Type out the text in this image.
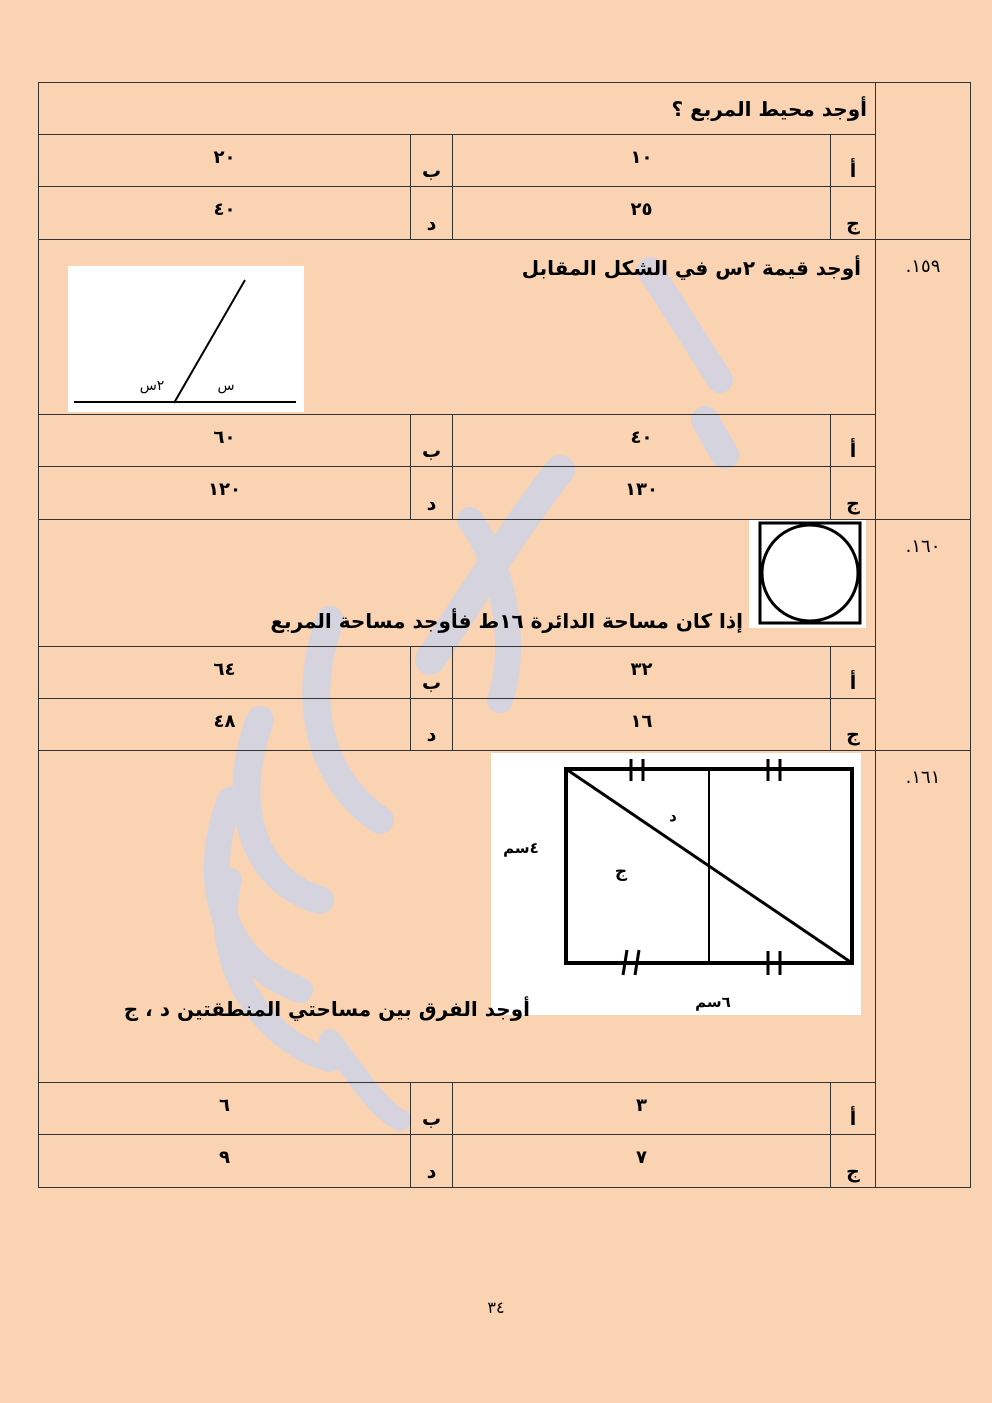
أوجد محيط المربع ؟				
٢٠	ب	١٠	أ	
٤٠	د	٢٥	ج	

أوجد قيمة ٢س في الشكل المقابل
س
٢س				١٥٩.
٦٠	ب	٤٠	أ	
١٢٠	د	١٣٠	ج	

إذا كان مساحة الدائرة ١٦ط فأوجد مساحة المربع				١٦٠.
٦٤	ب	٣٢	أ	
٤٨	د	١٦	ج	

٤سم
٦سم
د
ج
أوجد الفرق بين مساحتي المنطقتين د ، ج				١٦١.
٦	ب	٣	أ	
٩	د	٧	ج	
٣٤
